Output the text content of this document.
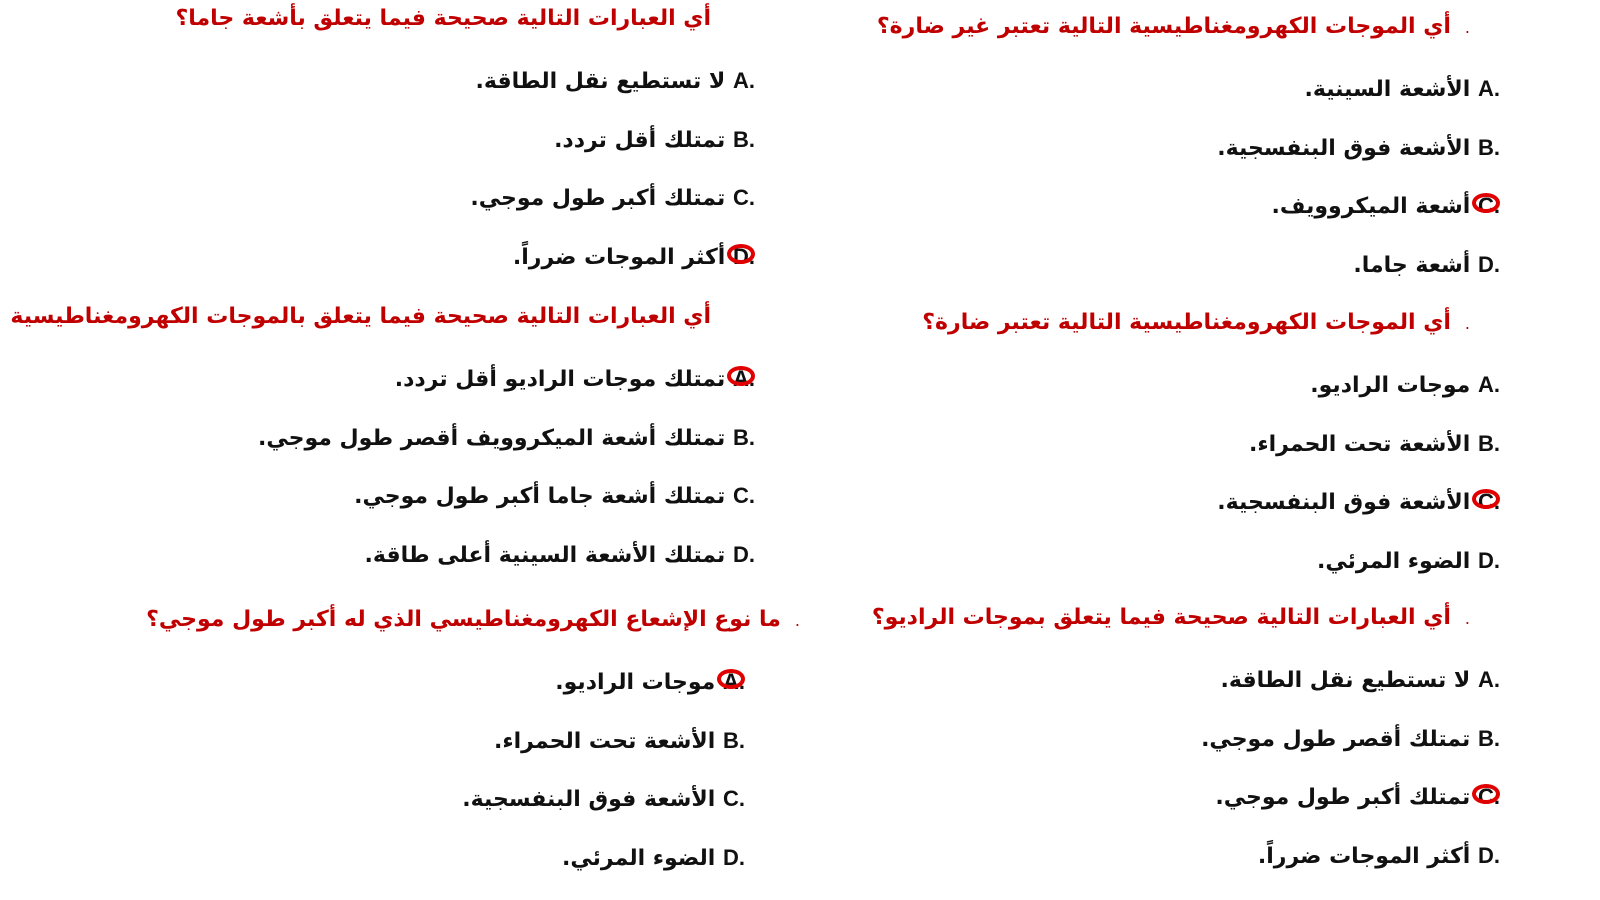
.أي الموجات الكهرومغناطيسية التالية تعتبر غير ضارة؟
A. الأشعة السينية.
B. الأشعة فوق البنفسجية.
C.
أشعة الميكروويف.
D. أشعة جاما.
.أي الموجات الكهرومغناطيسية التالية تعتبر ضارة؟
A. موجات الراديو.
B. الأشعة تحت الحمراء.
C.
الأشعة فوق البنفسجية.
D. الضوء المرئي.
.أي العبارات التالية صحيحة فيما يتعلق بموجات الراديو؟
A. لا تستطيع نقل الطاقة.
B. تمتلك أقصر طول موجي.
C.
تمتلك أكبر طول موجي.
D. أكثر الموجات ضرراً.
أي العبارات التالية صحيحة فيما يتعلق بأشعة جاما؟
A. لا تستطيع نقل الطاقة.
B. تمتلك أقل تردد.
C. تمتلك أكبر طول موجي.
D.
أكثر الموجات ضرراً.
أي العبارات التالية صحيحة فيما يتعلق بالموجات الكهرومغناطيسية
A.
تمتلك موجات الراديو أقل تردد.
B. تمتلك أشعة الميكروويف أقصر طول موجي.
C. تمتلك أشعة جاما أكبر طول موجي.
D. تمتلك الأشعة السينية أعلى طاقة.
.ما نوع الإشعاع الكهرومغناطيسي الذي له أكبر طول موجي؟
A.
موجات الراديو.
B. الأشعة تحت الحمراء.
C. الأشعة فوق البنفسجية.
D. الضوء المرئي.
